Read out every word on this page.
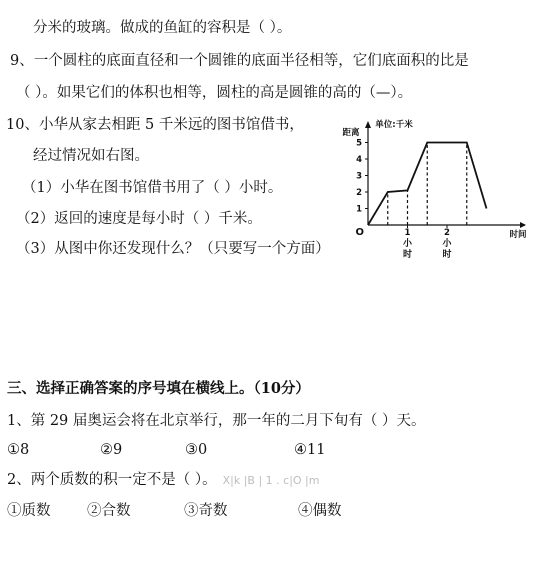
分米的玻璃。做成的鱼缸的容积是（ ）。
9、一个圆柱的底面直径和一个圆锥的底面半径相等，它们底面积的比是
（ ）。如果它们的体积也相等，圆柱的高是圆锥的高的（—）。
10、小华从家去相距 5 千米远的图书馆借书，
经过情况如右图。
（1）小华在图书馆借书用了（ ）小时。
（2）返回的速度是每小时（ ）千米。
（3）从图中你还发现什么？（只要写一个方面）
距离
单位:千米
时间
O
1
2
3
4
5
1
小
时
2
小
时
三、选择正确答案的序号填在横线上。（10分）
1、第 29 届奥运会将在北京举行，那一年的二月下旬有（ ）天。
①8	②9	③0	④11
2、两个质数的积一定不是（ ）。 X|k |B | 1 . c|O |m
①质数	②合数	③奇数	④偶数
